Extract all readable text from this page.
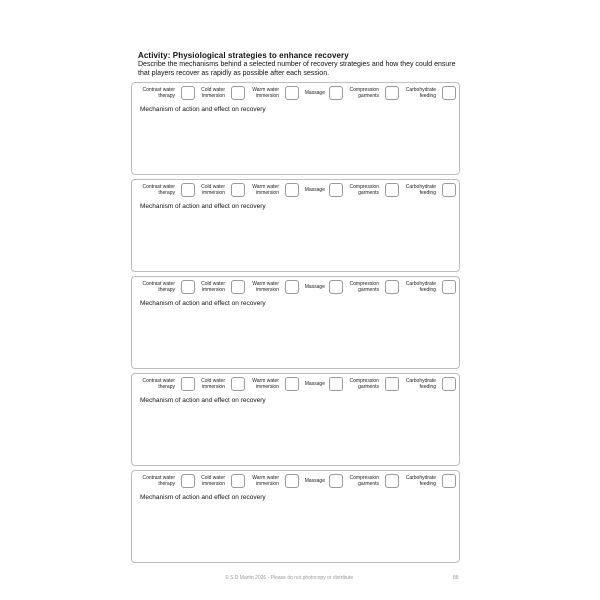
Activity: Physiological strategies to enhance recovery
Describe the mechanisms behind a selected number of recovery strategies and how they could ensure
that players recover as rapidly as possible after each session.
Contrast water
therapy
Cold water
immersion
Warm water
immersion
Massage	Compression
garments
Carbohydrate
feeding
Mechanism of action and effect on recovery
Contrast water
therapy
Cold water
immersion
Warm water
immersion
Massage	Compression
garments
Carbohydrate
feeding
Mechanism of action and effect on recovery
Contrast water
therapy
Cold water
immersion
Warm water
immersion
Massage	Compression
garments
Carbohydrate
feeding
Mechanism of action and effect on recovery
Contrast water
therapy
Cold water
immersion
Warm water
immersion
Massage	Compression
garments
Carbohydrate
feeding
Mechanism of action and effect on recovery
Contrast water
therapy
Cold water
immersion
Warm water
immersion
Massage	Compression
garments
Carbohydrate
feeding
Mechanism of action and effect on recovery
© S D Martin 2026 - Please do not photocopy or distribute	88
